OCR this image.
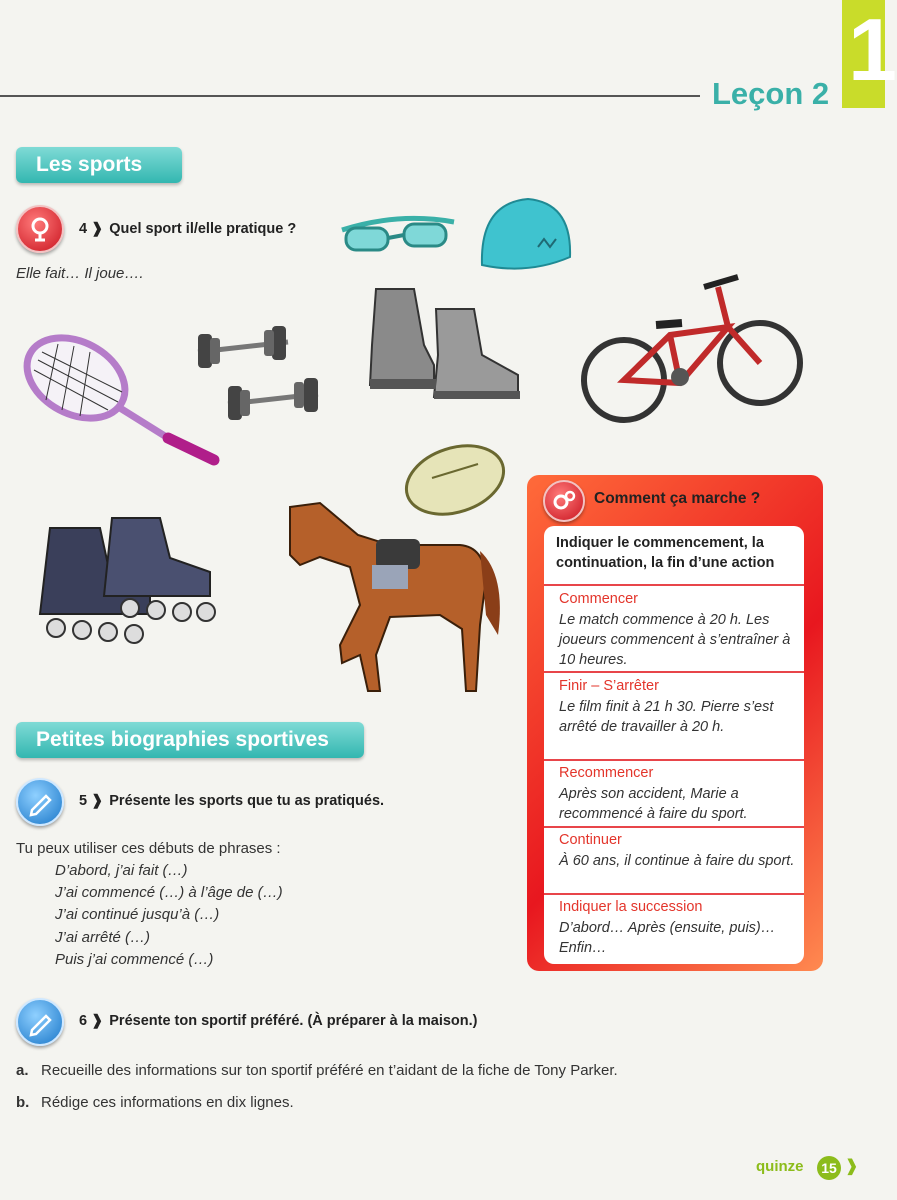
Leçon 2 1
Les sports
4 ❱ Quel sport il/elle pratique ?
Elle fait… Il joue….
Comment ça marche ?
Indiquer le commencement, la continuation, la fin d’une action
Commencer
Le match commence à 20 h. Les joueurs commencent à s’entraîner à 10 heures.
Finir – S’arrêter
Le film finit à 21 h 30. Pierre s’est arrêté de travailler à 20 h.
Recommencer
Après son accident, Marie a recommencé à faire du sport.
Continuer
À 60 ans, il continue à faire du sport.
Indiquer la succession
D’abord… Après (ensuite, puis)… Enfin…
Petites biographies sportives
5 ❱ Présente les sports que tu as pratiqués.
Tu peux utiliser ces débuts de phrases :
D’abord, j’ai fait (…)
J’ai commencé (…) à l’âge de (…)
J’ai continué jusqu’à (…)
J’ai arrêté (…)
Puis j’ai commencé (…)
6 ❱ Présente ton sportif préféré. (À préparer à la maison.)
a. Recueille des informations sur ton sportif préféré en t’aidant de la fiche de Tony Parker.
b. Rédige ces informations en dix lignes.
quinze	15 ❱
